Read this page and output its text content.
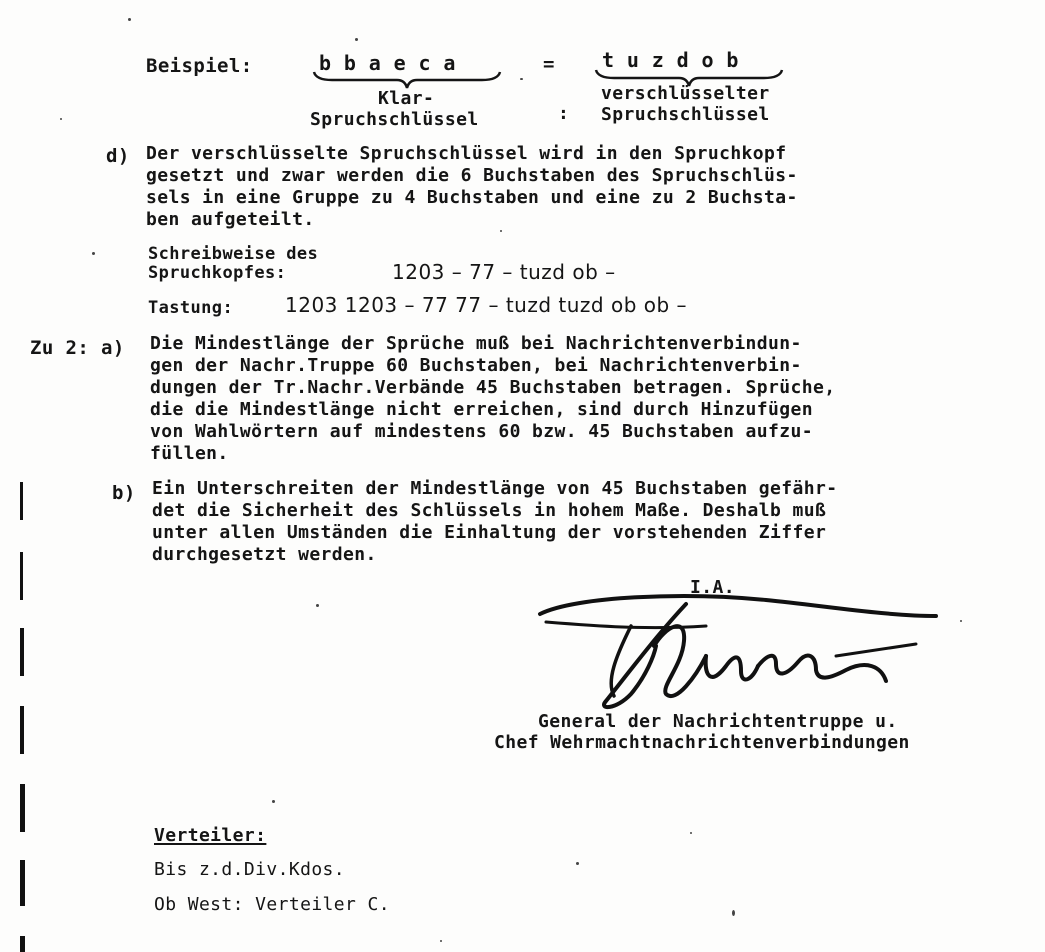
Beispiel:	b b a e c a	= t u z d o b
Klar-
Spruchschlüssel	:
verschlüsselter
Spruchschlüssel
d) Der verschlüsselte Spruchschlüssel wird in den Spruchkopf
gesetzt und zwar werden die 6 Buchstaben des Spruchschlüs-
sels in eine Gruppe zu 4 Buchstaben und eine zu 2 Buchsta-
ben aufgeteilt.
Schreibweise des
Spruchkopfes:	1203 – 77 – tuzd ob –
Tastung:	1203 1203 – 77 77 – tuzd tuzd ob ob –
Zu 2: a) Die Mindestlänge der Sprüche muß bei Nachrichtenverbindun-
gen der Nachr.Truppe 60 Buchstaben, bei Nachrichtenverbin-
dungen der Tr.Nachr.Verbände 45 Buchstaben betragen. Sprüche,
die die Mindestlänge nicht erreichen, sind durch Hinzufügen
von Wahlwörtern auf mindestens 60 bzw. 45 Buchstaben aufzu-
füllen.
b) Ein Unterschreiten der Mindestlänge von 45 Buchstaben gefähr-
det die Sicherheit des Schlüssels in hohem Maße. Deshalb muß
unter allen Umständen die Einhaltung der vorstehenden Ziffer
durchgesetzt werden.
I.A.
General der Nachrichtentruppe u.
Chef Wehrmachtnachrichtenverbindungen
Verteiler:
Bis z.d.Div.Kdos.
Ob West: Verteiler C.
